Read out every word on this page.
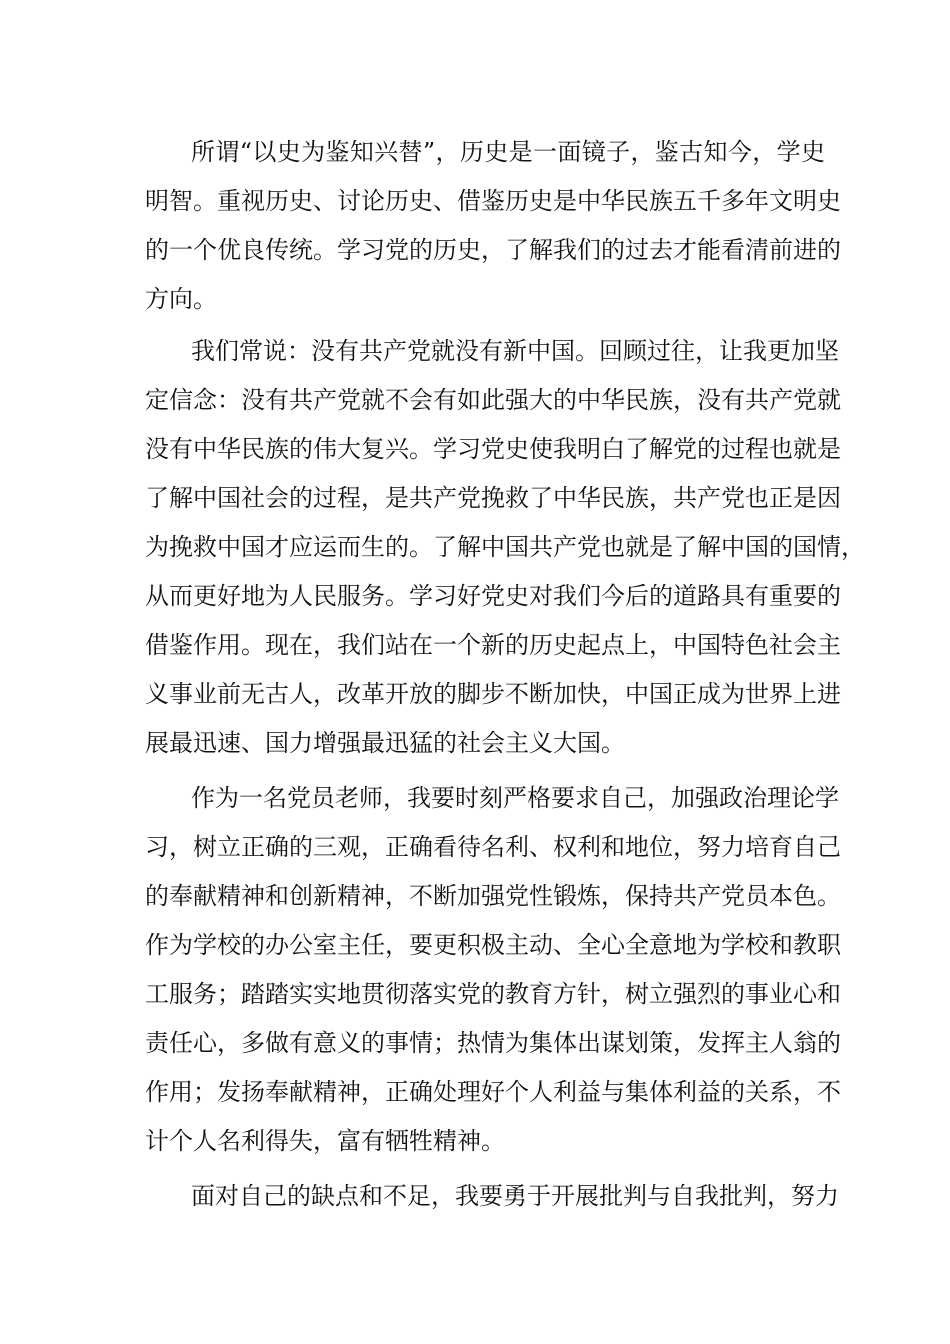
所谓“以史为鉴知兴替”，历史是一面镜子，鉴古知今，学史
明智。重视历史、讨论历史、借鉴历史是中华民族五千多年文明史
的一个优良传统。学习党的历史，了解我们的过去才能看清前进的
方向。
我们常说：没有共产党就没有新中国。回顾过往，让我更加坚
定信念：没有共产党就不会有如此强大的中华民族，没有共产党就
没有中华民族的伟大复兴。学习党史使我明白了解党的过程也就是
了解中国社会的过程，是共产党挽救了中华民族，共产党也正是因
为挽救中国才应运而生的。了解中国共产党也就是了解中国的国情，
从而更好地为人民服务。学习好党史对我们今后的道路具有重要的
借鉴作用。现在，我们站在一个新的历史起点上，中国特色社会主
义事业前无古人，改革开放的脚步不断加快，中国正成为世界上进
展最迅速、国力增强最迅猛的社会主义大国。
作为一名党员老师，我要时刻严格要求自己，加强政治理论学
习，树立正确的三观，正确看待名利、权利和地位，努力培育自己
的奉献精神和创新精神，不断加强党性锻炼，保持共产党员本色。
作为学校的办公室主任，要更积极主动、全心全意地为学校和教职
工服务；踏踏实实地贯彻落实党的教育方针，树立强烈的事业心和
责任心，多做有意义的事情；热情为集体出谋划策，发挥主人翁的
作用；发扬奉献精神，正确处理好个人利益与集体利益的关系，不
计个人名利得失，富有牺牲精神。
面对自己的缺点和不足，我要勇于开展批判与自我批判，努力
